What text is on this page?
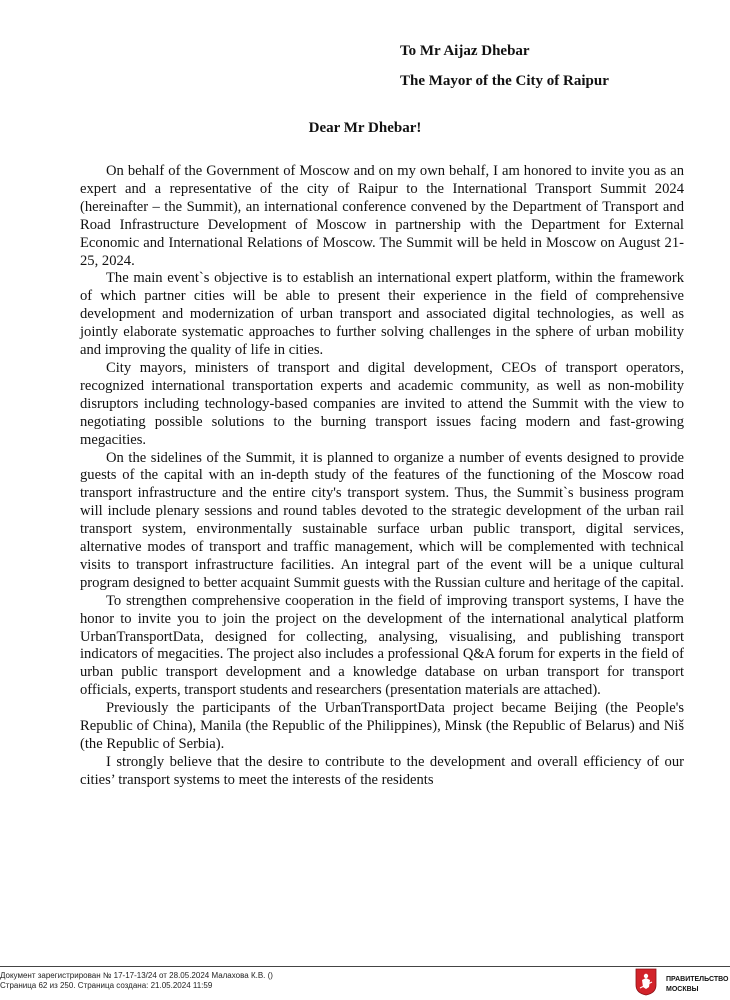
To Mr Aijaz Dhebar
The Mayor of the City of Raipur
Dear Mr Dhebar!

On behalf of the Government of Moscow and on my own behalf, I am honored to invite you as an expert and a representative of the city of Raipur to the International Transport Summit 2024 (hereinafter – the Summit), an international conference convened by the Department of Transport and Road Infrastructure Development of Moscow in partnership with the Department for External Economic and International Relations of Moscow. The Summit will be held in Moscow on August 21-25, 2024.

The main event`s objective is to establish an international expert platform, within the framework of which partner cities will be able to present their experience in the field of comprehensive development and modernization of urban transport and associated digital technologies, as well as jointly elaborate systematic approaches to further solving challenges in the sphere of urban mobility and improving the quality of life in cities.

City mayors, ministers of transport and digital development, CEOs of transport operators, recognized international transportation experts and academic community, as well as non-mobility disruptors including technology-based companies are invited to attend the Summit with the view to negotiating possible solutions to the burning transport issues facing modern and fast-growing megacities.

On the sidelines of the Summit, it is planned to organize a number of events designed to provide guests of the capital with an in-depth study of the features of the functioning of the Moscow road transport infrastructure and the entire city's transport system. Thus, the Summit`s business program will include plenary sessions and round tables devoted to the strategic development of the urban rail transport system, environmentally sustainable surface urban public transport, digital services, alternative modes of transport and traffic management, which will be complemented with technical visits to transport infrastructure facilities. An integral part of the event will be a unique cultural program designed to better acquaint Summit guests with the Russian culture and heritage of the capital.

To strengthen comprehensive cooperation in the field of improving transport systems, I have the honor to invite you to join the project on the development of the international analytical platform UrbanTransportData, designed for collecting, analysing, visualising, and publishing transport indicators of megacities. The project also includes a professional Q&A forum for experts in the field of urban public transport development and a knowledge database on urban transport for transport officials, experts, transport students and researchers (presentation materials are attached).

Previously the participants of the UrbanTransportData project became Beijing (the People's Republic of China), Manila (the Republic of the Philippines), Minsk (the Republic of Belarus) and Niš (the Republic of Serbia).

I strongly believe that the desire to contribute to the development and overall efficiency of our cities’ transport systems to meet the interests of the residents

Документ зарегистрирован № 17-17-13/24 от 28.05.2024 Малахова К.В. ()
Страница 62 из 250. Страница создана: 21.05.2024 11:59
ПРАВИТЕЛЬСТВО
МОСКВЫ
